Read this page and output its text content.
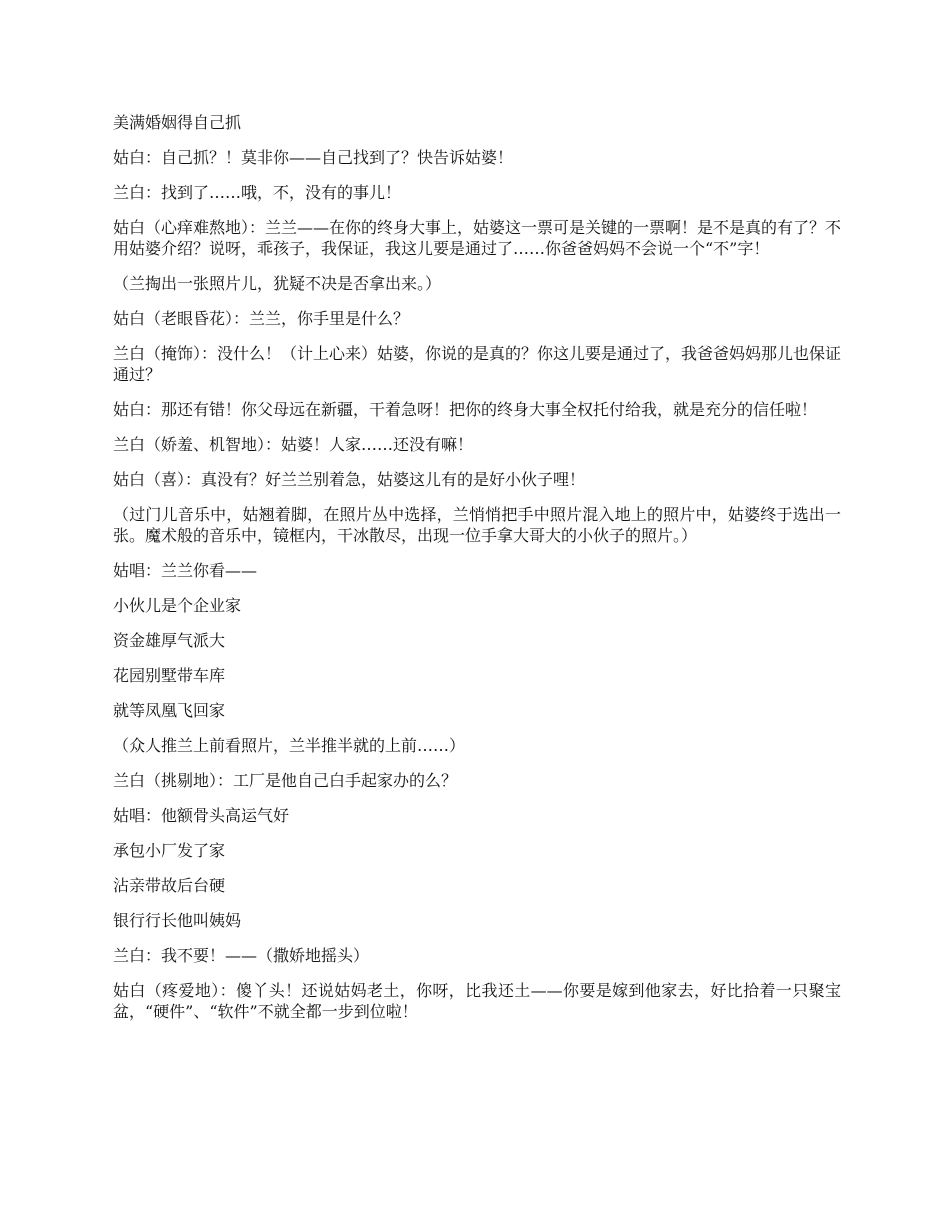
美满婚姻得自己抓

姑白：自己抓？！莫非你——自己找到了？快告诉姑婆！

兰白：找到了……哦，不，没有的事儿！

姑白（心痒难熬地）：兰兰——在你的终身大事上，姑婆这一票可是关键的一票啊！是不是真的有了？不用姑婆介绍？说呀，乖孩子，我保证，我这儿要是通过了……你爸爸妈妈不会说一个“不”字！

（兰掏出一张照片儿，犹疑不决是否拿出来。）

姑白（老眼昏花）：兰兰，你手里是什么？

兰白（掩饰）：没什么！（计上心来）姑婆，你说的是真的？你这儿要是通过了，我爸爸妈妈那儿也保证通过？

姑白：那还有错！你父母远在新疆，干着急呀！把你的终身大事全权托付给我，就是充分的信任啦！

兰白（娇羞、机智地）：姑婆！人家……还没有嘛！

姑白（喜）：真没有？好兰兰别着急，姑婆这儿有的是好小伙子哩！

（过门儿音乐中，姑翘着脚，在照片丛中选择，兰悄悄把手中照片混入地上的照片中，姑婆终于选出一张。魔术般的音乐中，镜框内，干冰散尽，出现一位手拿大哥大的小伙子的照片。）

姑唱：兰兰你看——

小伙儿是个企业家

资金雄厚气派大

花园别墅带车库

就等凤凰飞回家

（众人推兰上前看照片，兰半推半就的上前……）

兰白（挑剔地）：工厂是他自己白手起家办的么？

姑唱：他额骨头高运气好

承包小厂发了家

沾亲带故后台硬

银行行长他叫姨妈

兰白：我不要！——（撒娇地摇头）

姑白（疼爱地）：傻丫头！还说姑妈老土，你呀，比我还土——你要是嫁到他家去，好比拾着一只聚宝盆，“硬件”、“软件”不就全都一步到位啦！
